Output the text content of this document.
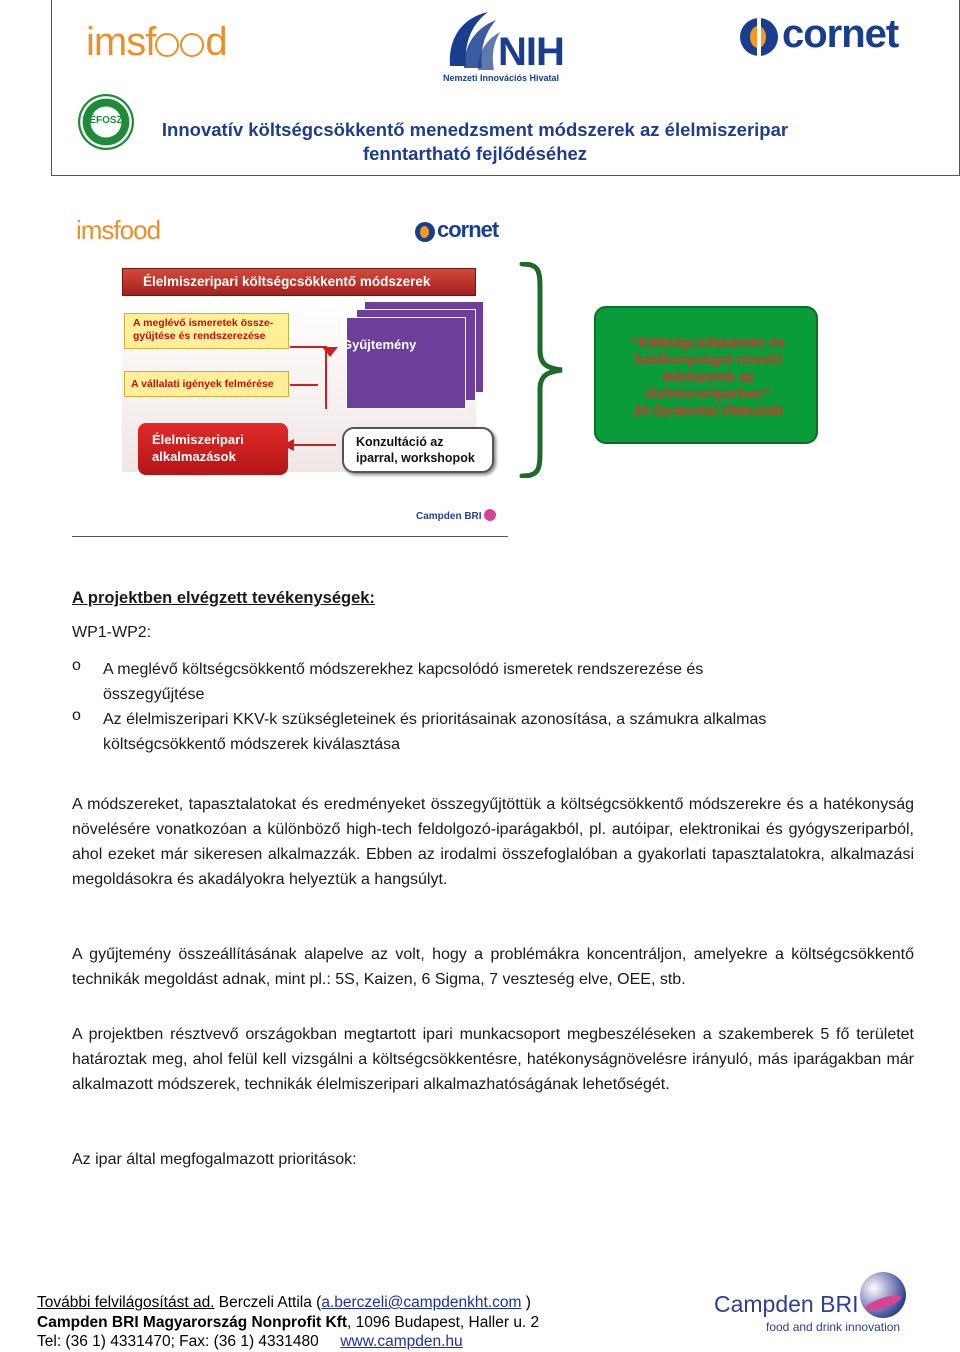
imsf d
ÉFOSZ
NIH
Nemzeti Innovációs Hivatal
cornet
Innovatív költségcsökkentő menedzsment módszerek az élelmiszeripar
fenntartható fejlődéséhez
imsfood	cornet
Élelmiszeripari költségcsökkentő módszerek
A meglévő ismeretek össze-
gyűjtése és rendszerezése
A vállalati igények felmérése
Gyűjtemény
Élelmiszeripari
alkalmazások
Konzultáció az
iparral, workshopok
Campden BRI
“Költségcsökkentés és
hatékonyságot növelő
módszerek az
élelmiszeriparban”
Jó Gyakorlat Útmutató
A projektben elvégzett tevékenységek:
WP1-WP2:
o A meglévő költségcsökkentő módszerekhez kapcsolódó ismeretek rendszerezése és
összegyűjtése
o Az élelmiszeripari KKV-k szükségleteinek és prioritásainak azonosítása, a számukra alkalmas
költségcsökkentő módszerek kiválasztása
A módszereket, tapasztalatokat és eredményeket összegyűjtöttük a költségcsökkentő módszerekre és a hatékonyság növelésére vonatkozóan a különböző high-tech feldolgozó-iparágakból, pl. autóipar, elektronikai és gyógyszeriparból, ahol ezeket már sikeresen alkalmazzák. Ebben az irodalmi összefoglalóban a gyakorlati tapasztalatokra, alkalmazási megoldásokra és akadályokra helyeztük a hangsúlyt.
A gyűjtemény összeállításának alapelve az volt, hogy a problémákra koncentráljon, amelyekre a költségcsökkentő technikák megoldást adnak, mint pl.: 5S, Kaizen, 6 Sigma, 7 veszteség elve, OEE, stb.
A projektben résztvevő országokban megtartott ipari munkacsoport megbeszéléseken a szakemberek 5 fő területet határoztak meg, ahol felül kell vizsgálni a költségcsökkentésre, hatékonyságnövelésre irányuló, más iparágakban már alkalmazott módszerek, technikák élelmiszeripari alkalmazhatóságának lehetőségét.
Az ipar által megfogalmazott prioritások:
További felvilágosítást ad. Berczeli Attila (a.berczeli@campdenkht.com )
Campden BRI Magyarország Nonprofit Kft, 1096 Budapest, Haller u. 2
Tel: (36 1) 4331470; Fax: (36 1) 4331480 www.campden.hu
Campden BRI
food and drink innovation
